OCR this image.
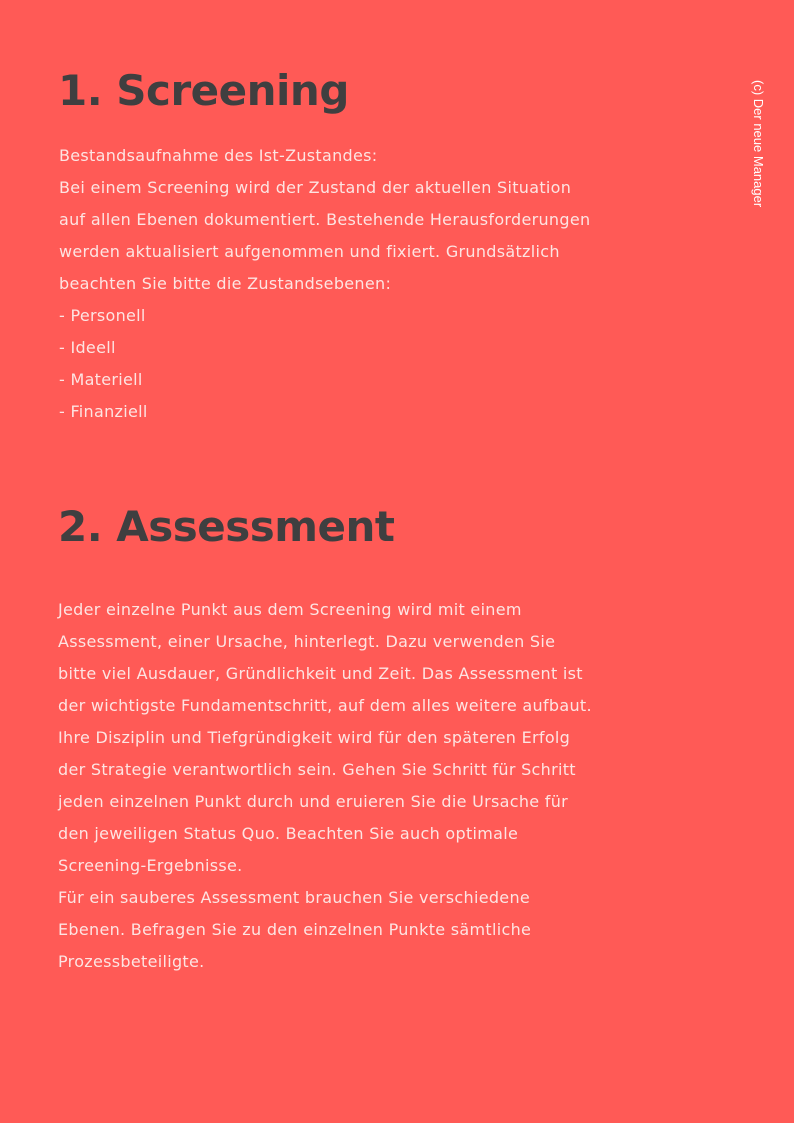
1. Screening
Bestandsaufnahme des Ist-Zustandes:
Bei einem Screening wird der Zustand der aktuellen Situation
auf allen Ebenen dokumentiert. Bestehende Herausforderungen
werden aktualisiert aufgenommen und fixiert. Grundsätzlich
beachten Sie bitte die Zustandsebenen:
- Personell
- Ideell
- Materiell
- Finanziell
2. Assessment
Jeder einzelne Punkt aus dem Screening wird mit einem
Assessment, einer Ursache, hinterlegt. Dazu verwenden Sie
bitte viel Ausdauer, Gründlichkeit und Zeit. Das Assessment ist
der wichtigste Fundamentschritt, auf dem alles weitere aufbaut.
Ihre Disziplin und Tiefgründigkeit wird für den späteren Erfolg
der Strategie verantwortlich sein. Gehen Sie Schritt für Schritt
jeden einzelnen Punkt durch und eruieren Sie die Ursache für
den jeweiligen Status Quo. Beachten Sie auch optimale
Screening-Ergebnisse.
Für ein sauberes Assessment brauchen Sie verschiedene
Ebenen. Befragen Sie zu den einzelnen Punkte sämtliche
Prozessbeteiligte.
(c) Der neue Manager
